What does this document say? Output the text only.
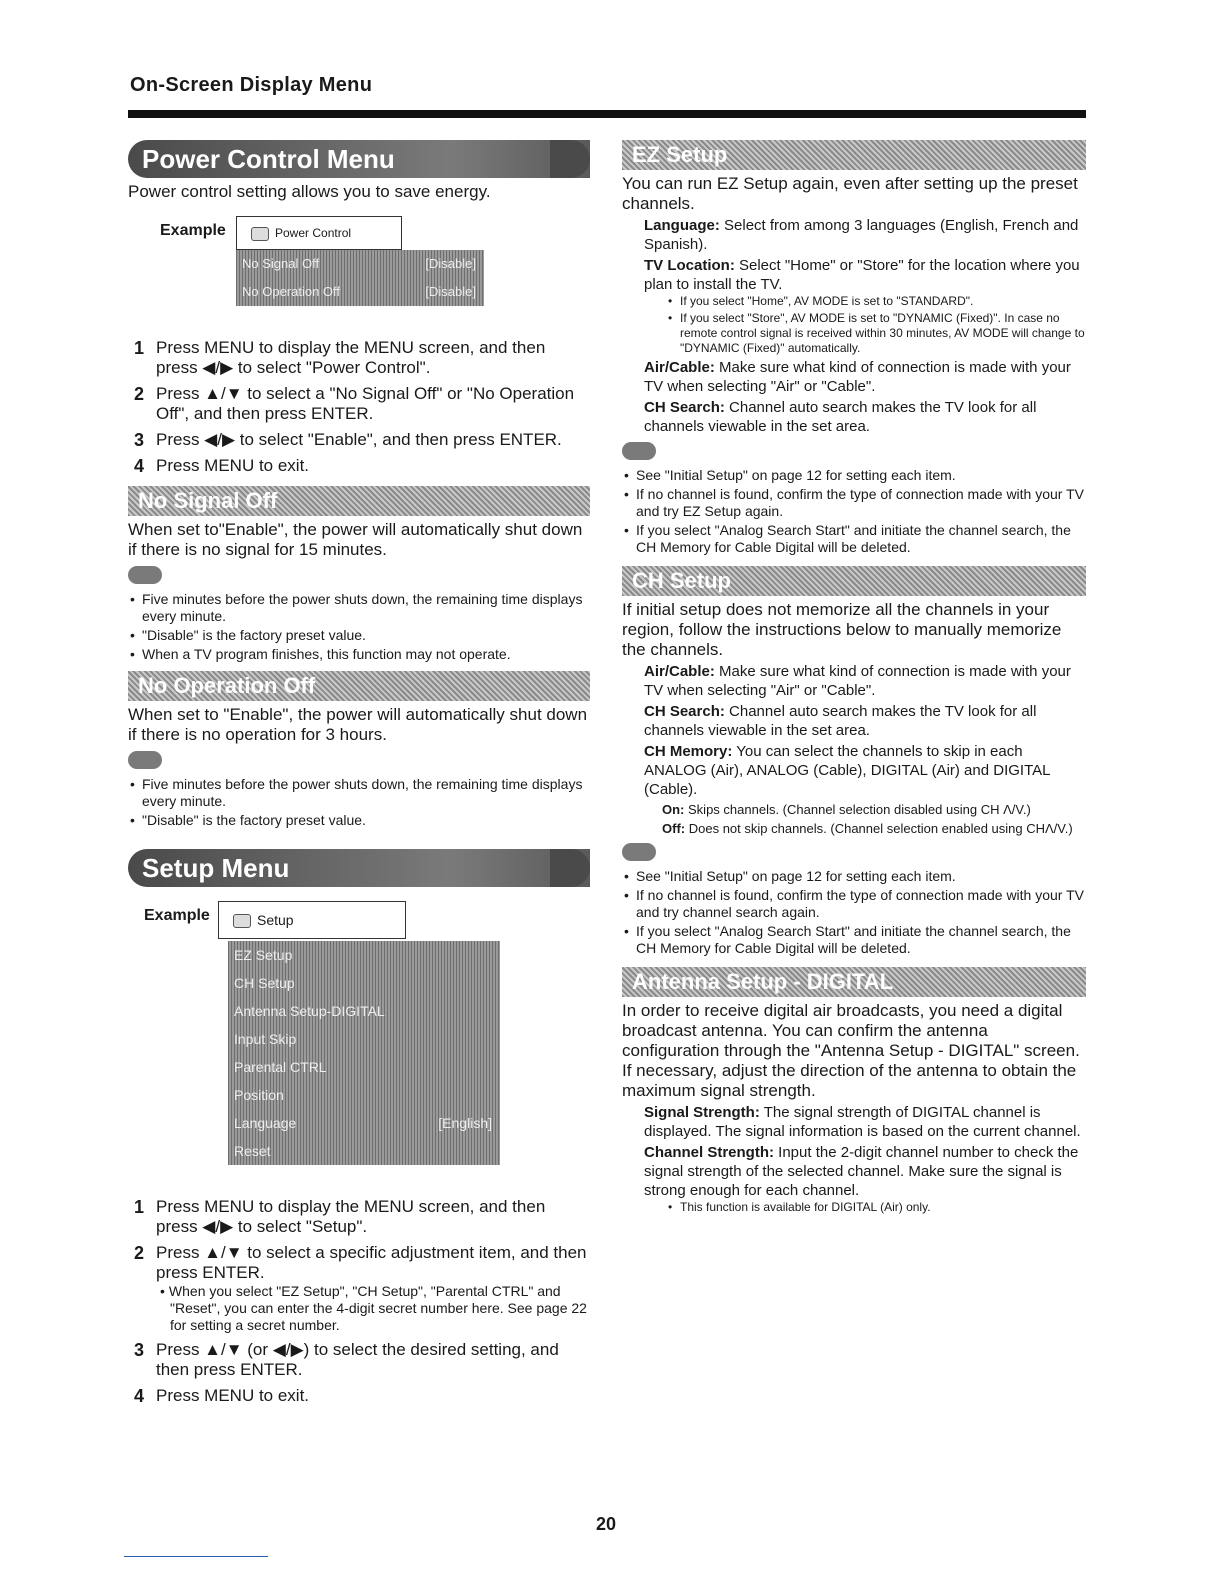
On-Screen Display Menu
Power Control Menu

Power control setting allows you to save energy.

Example	Power Control
No Signal Off	[Disable]
No Operation Off	[Disable]
1 Press MENU to display the MENU screen, and then press ◀/▶ to select "Power Control".
2 Press ▲/▼ to select a "No Signal Off" or "No Operation Off", and then press ENTER.
3 Press ◀/▶ to select "Enable", and then press ENTER.
4 Press MENU to exit.
No Signal Off

When set to"Enable", the power will automatically shut down if there is no signal for 15 minutes.

• Five minutes before the power shuts down, the remaining time displays every minute.
• "Disable" is the factory preset value.
• When a TV program finishes, this function may not operate.
No Operation Off

When set to "Enable", the power will automatically shut down if there is no operation for 3 hours.

• Five minutes before the power shuts down, the remaining time displays every minute.
• "Disable" is the factory preset value.
Setup Menu
Example	Setup
EZ Setup
CH Setup
Antenna Setup-DIGITAL
Input Skip
Parental CTRL
Position
Language	[English]
Reset
1 Press MENU to display the MENU screen, and then press ◀/▶ to select "Setup".
2 Press ▲/▼ to select a specific adjustment item, and then press ENTER.
• When you select "EZ Setup", "CH Setup", "Parental CTRL" and "Reset", you can enter the 4-digit secret number here. See page 22 for setting a secret number.
3 Press ▲/▼ (or ◀/▶) to select the desired setting, and then press ENTER.
4 Press MENU to exit.
EZ Setup

You can run EZ Setup again, even after setting up the preset channels.

Language: Select from among 3 languages (English, French and Spanish).
TV Location: Select "Home" or "Store" for the location where you plan to install the TV.
• If you select "Home", AV MODE is set to "STANDARD".
• If you select "Store", AV MODE is set to "DYNAMIC (Fixed)". In case no remote control signal is received within 30 minutes, AV MODE will change to "DYNAMIC (Fixed)" automatically.
Air/Cable: Make sure what kind of connection is made with your TV when selecting "Air" or "Cable".
CH Search: Channel auto search makes the TV look for all channels viewable in the set area.
• See "Initial Setup" on page 12 for setting each item.
• If no channel is found, confirm the type of connection made with your TV and try EZ Setup again.
• If you select "Analog Search Start" and initiate the channel search, the CH Memory for Cable Digital will be deleted.
CH Setup

If initial setup does not memorize all the channels in your region, follow the instructions below to manually memorize the channels.

Air/Cable: Make sure what kind of connection is made with your TV when selecting "Air" or "Cable".
CH Search: Channel auto search makes the TV look for all channels viewable in the set area.
CH Memory: You can select the channels to skip in each ANALOG (Air), ANALOG (Cable), DIGITAL (Air) and DIGITAL (Cable).
On: Skips channels. (Channel selection disabled using CH Λ/V.)
Off: Does not skip channels. (Channel selection enabled using CHΛ/V.)
• See "Initial Setup" on page 12 for setting each item.
• If no channel is found, confirm the type of connection made with your TV and try channel search again.
• If you select "Analog Search Start" and initiate the channel search, the CH Memory for Cable Digital will be deleted.
Antenna Setup - DIGITAL

In order to receive digital air broadcasts, you need a digital broadcast antenna. You can confirm the antenna configuration through the "Antenna Setup - DIGITAL" screen. If necessary, adjust the direction of the antenna to obtain the maximum signal strength.

Signal Strength: The signal strength of DIGITAL channel is displayed. The signal information is based on the current channel.
Channel Strength: Input the 2-digit channel number to check the signal strength of the selected channel. Make sure the signal is strong enough for each channel.
• This function is available for DIGITAL (Air) only.
20
